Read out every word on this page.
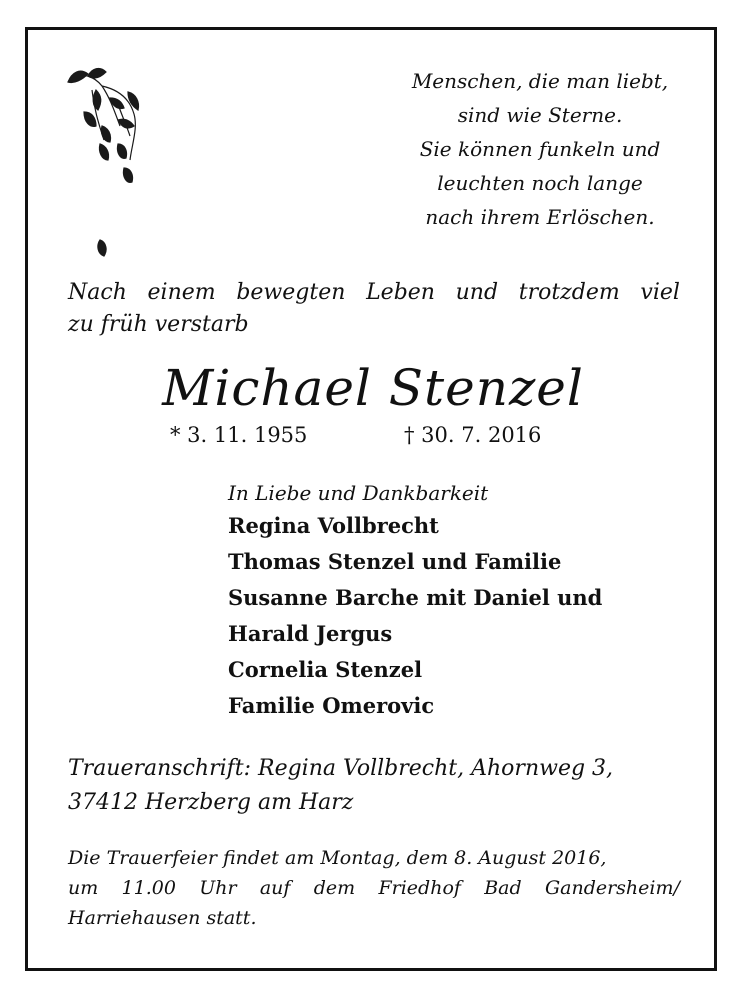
Menschen, die man liebt,
sind wie Sterne.
Sie können funkeln und
leuchten noch lange
nach ihrem Erlöschen.
Nach einem bewegten Leben und trotzdem viel
zu früh verstarb
Michael Stenzel
* 3. 11. 1955	† 30. 7. 2016
In Liebe und Dankbarkeit
Regina Vollbrecht
Thomas Stenzel und Familie
Susanne Barche mit Daniel und
Harald Jergus
Cornelia Stenzel
Familie Omerovic
Traueranschrift: Regina Vollbrecht, Ahornweg 3,
37412 Herzberg am Harz
Die Trauerfeier findet am Montag, dem 8. August 2016,
um 11.00 Uhr auf dem Friedhof Bad Gandersheim/
Harriehausen statt.
